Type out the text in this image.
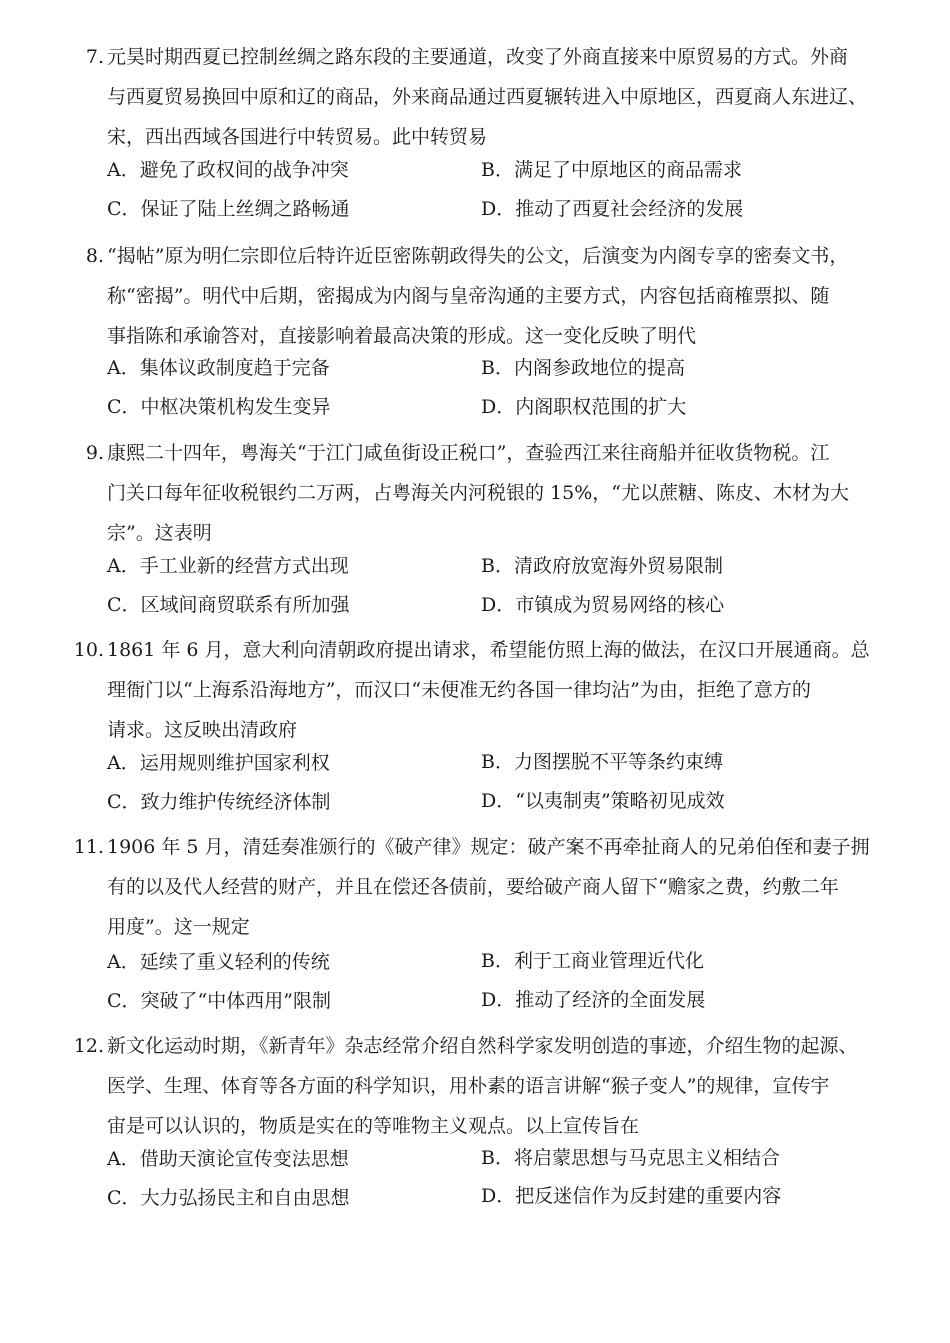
7. 元昊时期西夏已控制丝绸之路东段的主要通道，改变了外商直接来中原贸易的方式。外商
与西夏贸易换回中原和辽的商品，外来商品通过西夏辗转进入中原地区，西夏商人东进辽、
宋，西出西域各国进行中转贸易。此中转贸易
A．避免了政权间的战争冲突	B．满足了中原地区的商品需求
C．保证了陆上丝绸之路畅通	D．推动了西夏社会经济的发展
8. “揭帖”原为明仁宗即位后特许近臣密陈朝政得失的公文，后演变为内阁专享的密奏文书，
称“密揭”。明代中后期，密揭成为内阁与皇帝沟通的主要方式，内容包括商榷票拟、随
事指陈和承谕答对，直接影响着最高决策的形成。这一变化反映了明代
A．集体议政制度趋于完备	B．内阁参政地位的提高
C．中枢决策机构发生变异	D．内阁职权范围的扩大
9. 康熙二十四年，粤海关“于江门咸鱼街设正税口”，查验西江来往商船并征收货物税。江
门关口每年征收税银约二万两，占粤海关内河税银的 15%，“尤以蔗糖、陈皮、木材为大
宗”。这表明
A．手工业新的经营方式出现	B．清政府放宽海外贸易限制
C．区域间商贸联系有所加强	D．市镇成为贸易网络的核心
10. 1861 年 6 月，意大利向清朝政府提出请求，希望能仿照上海的做法，在汉口开展通商。总
理衙门以“上海系沿海地方”，而汉口“未便准无约各国一律均沾”为由，拒绝了意方的
请求。这反映出清政府
A．运用规则维护国家利权	B．力图摆脱不平等条约束缚
C．致力维护传统经济体制	D．“以夷制夷”策略初见成效
11. 1906 年 5 月，清廷奏准颁行的《破产律》规定：破产案不再牵扯商人的兄弟伯侄和妻子拥
有的以及代人经营的财产，并且在偿还各债前，要给破产商人留下“赡家之费，约敷二年
用度”。这一规定
A．延续了重义轻利的传统	B．利于工商业管理近代化
C．突破了“中体西用”限制	D．推动了经济的全面发展
12. 新文化运动时期，《新青年》杂志经常介绍自然科学家发明创造的事迹，介绍生物的起源、
医学、生理、体育等各方面的科学知识，用朴素的语言讲解“猴子变人”的规律，宣传宇
宙是可以认识的，物质是实在的等唯物主义观点。以上宣传旨在
A．借助天演论宣传变法思想	B．将启蒙思想与马克思主义相结合
C．大力弘扬民主和自由思想	D．把反迷信作为反封建的重要内容
